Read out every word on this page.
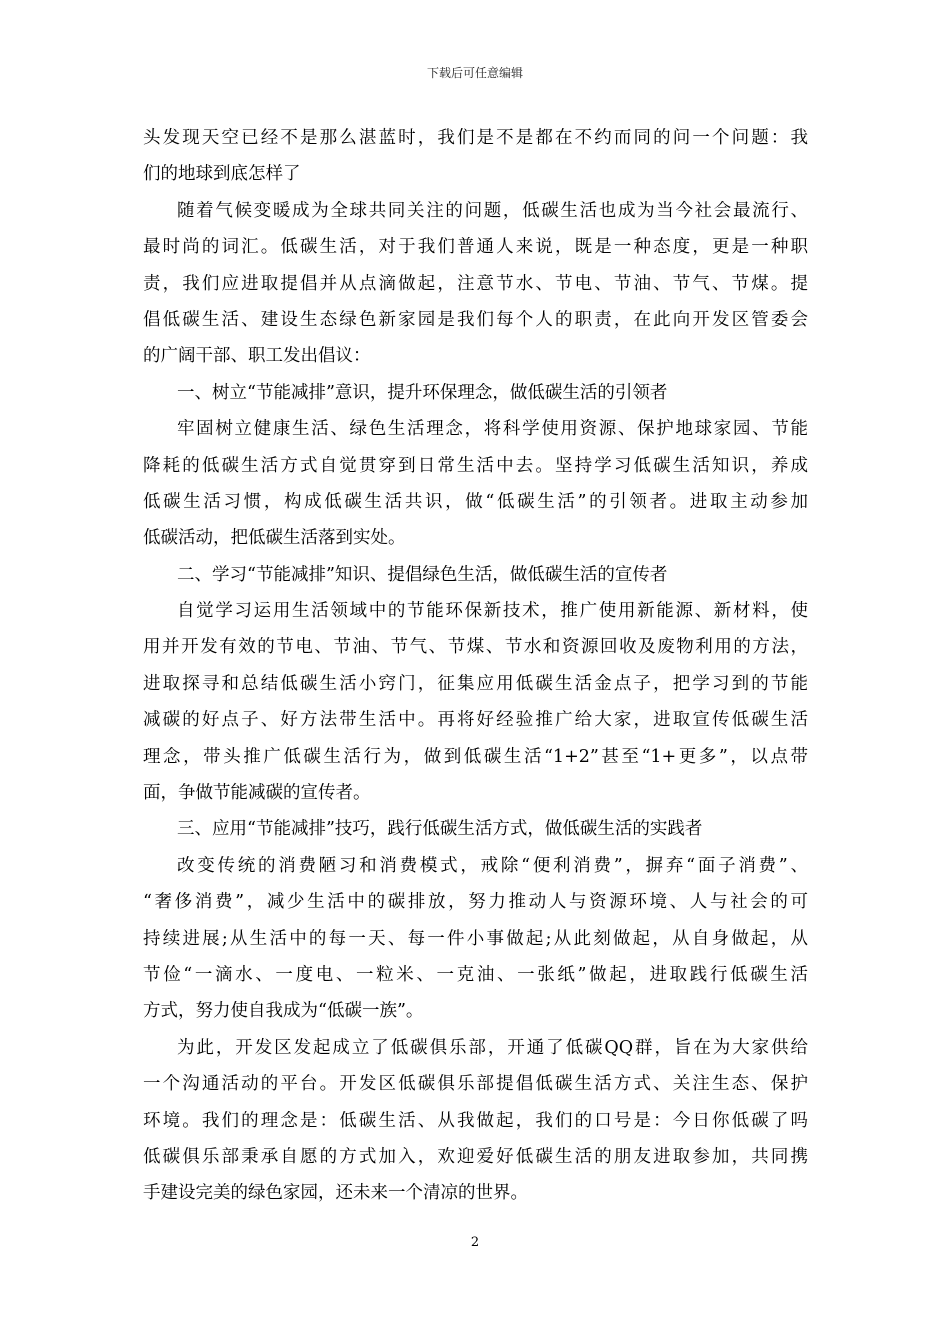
下载后可任意编辑
头发现天空已经不是那么湛蓝时，我们是不是都在不约而同的问一个问题：我
们的地球到底怎样了
随着气候变暖成为全球共同关注的问题，低碳生活也成为当今社会最流行、
最时尚的词汇。低碳生活，对于我们普通人来说，既是一种态度，更是一种职
责，我们应进取提倡并从点滴做起，注意节水、节电、节油、节气、节煤。提
倡低碳生活、建设生态绿色新家园是我们每个人的职责，在此向开发区管委会
的广阔干部、职工发出倡议：
一、树立“节能减排”意识，提升环保理念，做低碳生活的引领者
牢固树立健康生活、绿色生活理念，将科学使用资源、保护地球家园、节能
降耗的低碳生活方式自觉贯穿到日常生活中去。坚持学习低碳生活知识，养成
低碳生活习惯，构成低碳生活共识，做“低碳生活”的引领者。进取主动参加
低碳活动，把低碳生活落到实处。
二、学习“节能减排”知识、提倡绿色生活，做低碳生活的宣传者
自觉学习运用生活领域中的节能环保新技术，推广使用新能源、新材料，使
用并开发有效的节电、节油、节气、节煤、节水和资源回收及废物利用的方法，
进取探寻和总结低碳生活小窍门，征集应用低碳生活金点子，把学习到的节能
减碳的好点子、好方法带生活中。再将好经验推广给大家，进取宣传低碳生活
理念，带头推广低碳生活行为，做到低碳生活“1+2”甚至“1+更多”，以点带
面，争做节能减碳的宣传者。
三、应用“节能减排”技巧，践行低碳生活方式，做低碳生活的实践者
改变传统的消费陋习和消费模式，戒除“便利消费”，摒弃“面子消费”、
“奢侈消费”，减少生活中的碳排放，努力推动人与资源环境、人与社会的可
持续进展;从生活中的每一天、每一件小事做起;从此刻做起，从自身做起，从
节俭“一滴水、一度电、一粒米、一克油、一张纸”做起，进取践行低碳生活
方式，努力使自我成为“低碳一族”。
为此，开发区发起成立了低碳俱乐部，开通了低碳QQ群，旨在为大家供给
一个沟通活动的平台。开发区低碳俱乐部提倡低碳生活方式、关注生态、保护
环境。我们的理念是：低碳生活、从我做起，我们的口号是：今日你低碳了吗
低碳俱乐部秉承自愿的方式加入，欢迎爱好低碳生活的朋友进取参加，共同携
手建设完美的绿色家园，还未来一个清凉的世界。
2
